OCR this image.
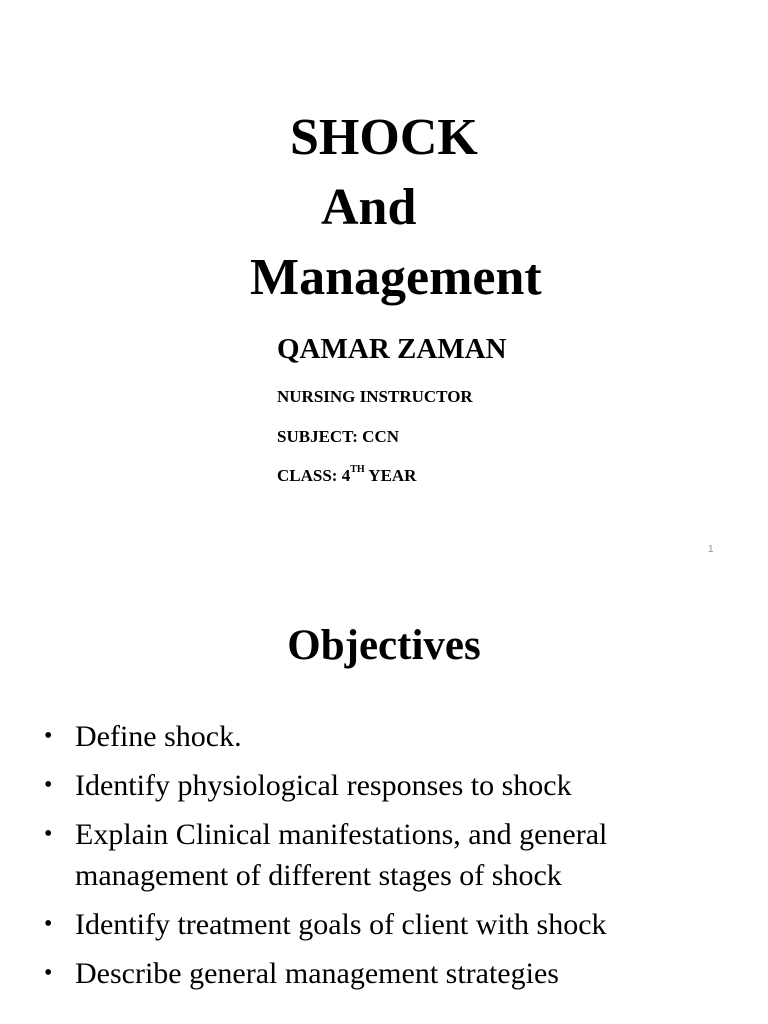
SHOCK
And
Management
QAMAR ZAMAN
NURSING INSTRUCTOR
SUBJECT: CCN
CLASS: 4TH YEAR
1
Objectives
• Define shock.
• Identify physiological responses to shock
• Explain Clinical manifestations, and general management of different stages of shock
• Identify treatment goals of client with shock
• Describe general management strategies
